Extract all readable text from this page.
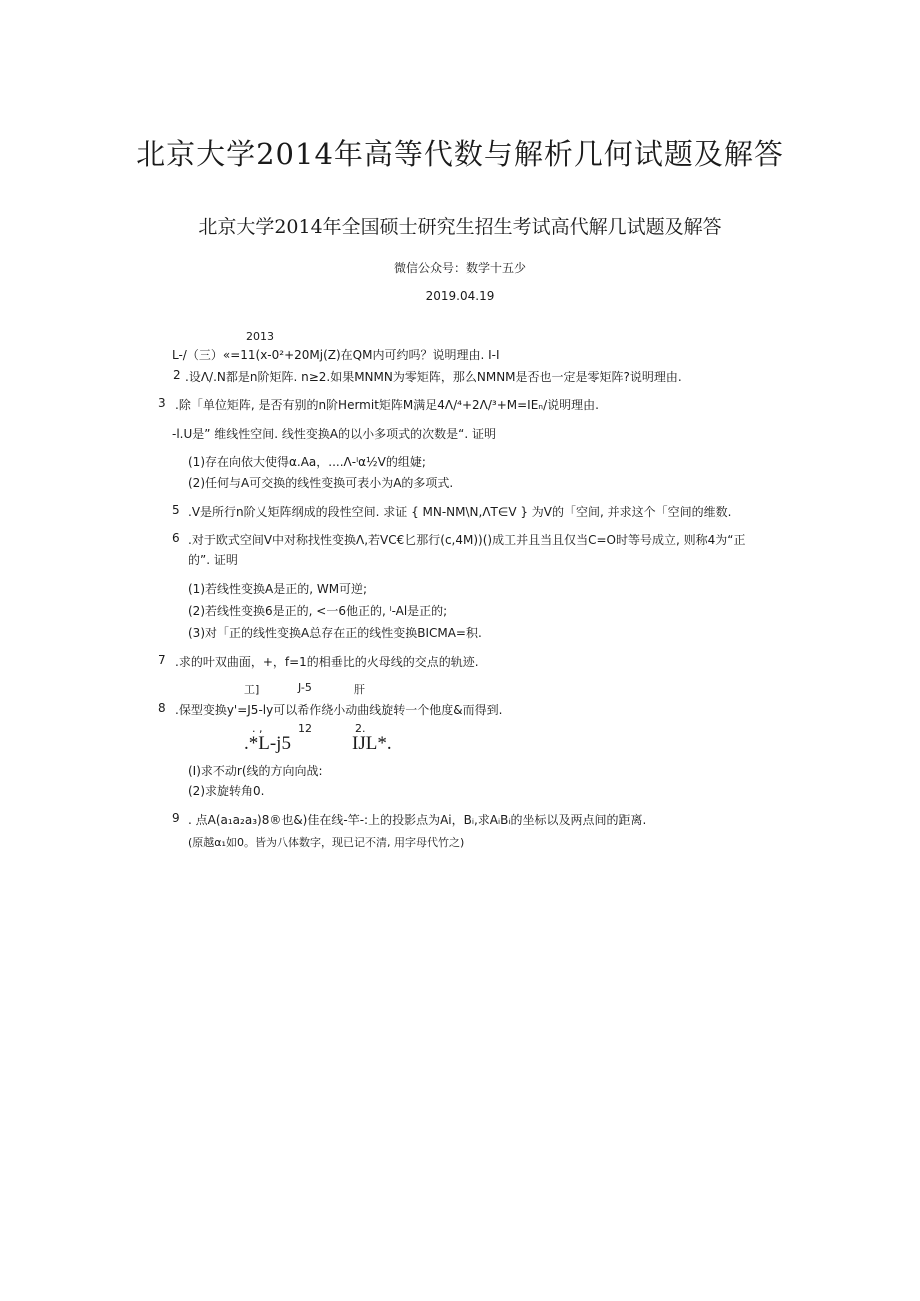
北京大学2014年高等代数与解析几何试题及解答
北京大学2014年全国硕士研究生招生考试高代解几试题及解答
微信公众号：数学十五少
2019.04.19
2013
L-/（三）«=11(x-0²+20Mj(Z)在QM内可约吗？说明理由. I-I
2 .设Λ/.Ν都是n阶矩阵. n≥2.如果MNMN为零矩阵，那么NMNM是否也一定是零矩阵?说明理由.
3 .除「单位矩阵, 是否有别的n阶Hermit矩阵M满足4Λ/⁴+2Λ/³+M=IEₙ/说明理由.
-l.U是” 维线性空间. 线性变换A的以小多项式的次数是“. 证明
(1)存在向依大使得α.Aa，....Λ-ˡα½V的组婕;
(2)任何与A可交换的线性变换可表小为A的多项式.
5 .V是所行n阶乂矩阵纲成的段性空间. 求证 { MN-NM\N,ΛT∈V } 为V的「空间, 并求这个「空间的维数.
6 .对于欧式空间V中对称找性变换Λ,若VC€匕那行(c,4M))()成工并且当且仅当C=O时等号成立, 则称4为“正
的”. 证明
(1)若线性变换A是正的, WM可逆;
(2)若线性变换6是正的, <一6他正的, ˡ-Al是正的;
(3)对「正的线性变换A总存在正的线性变换BICMA=积.
7 .求的叶双曲面，+，f=1的相垂比的火母线的交点的轨迹.
工]	J-5	肝
8 .保型变换y'=J5-ly可以希作绕小动曲线旋转一个他度&而得到.
. ,	12	2.
.*L-j5	IJL*.
(I)求不动r(线的方向向战:
(2)求旋转角0.
9 . 点A(a₁a₂a₃)8®也&)佳在线-竿-:上的投影点为Ai，Bᵢ,求AᵢBᵢ的坐标以及两点间的距离.
(原越α₁如0。皆为八体数字，现已记不清, 用字母代竹之)
